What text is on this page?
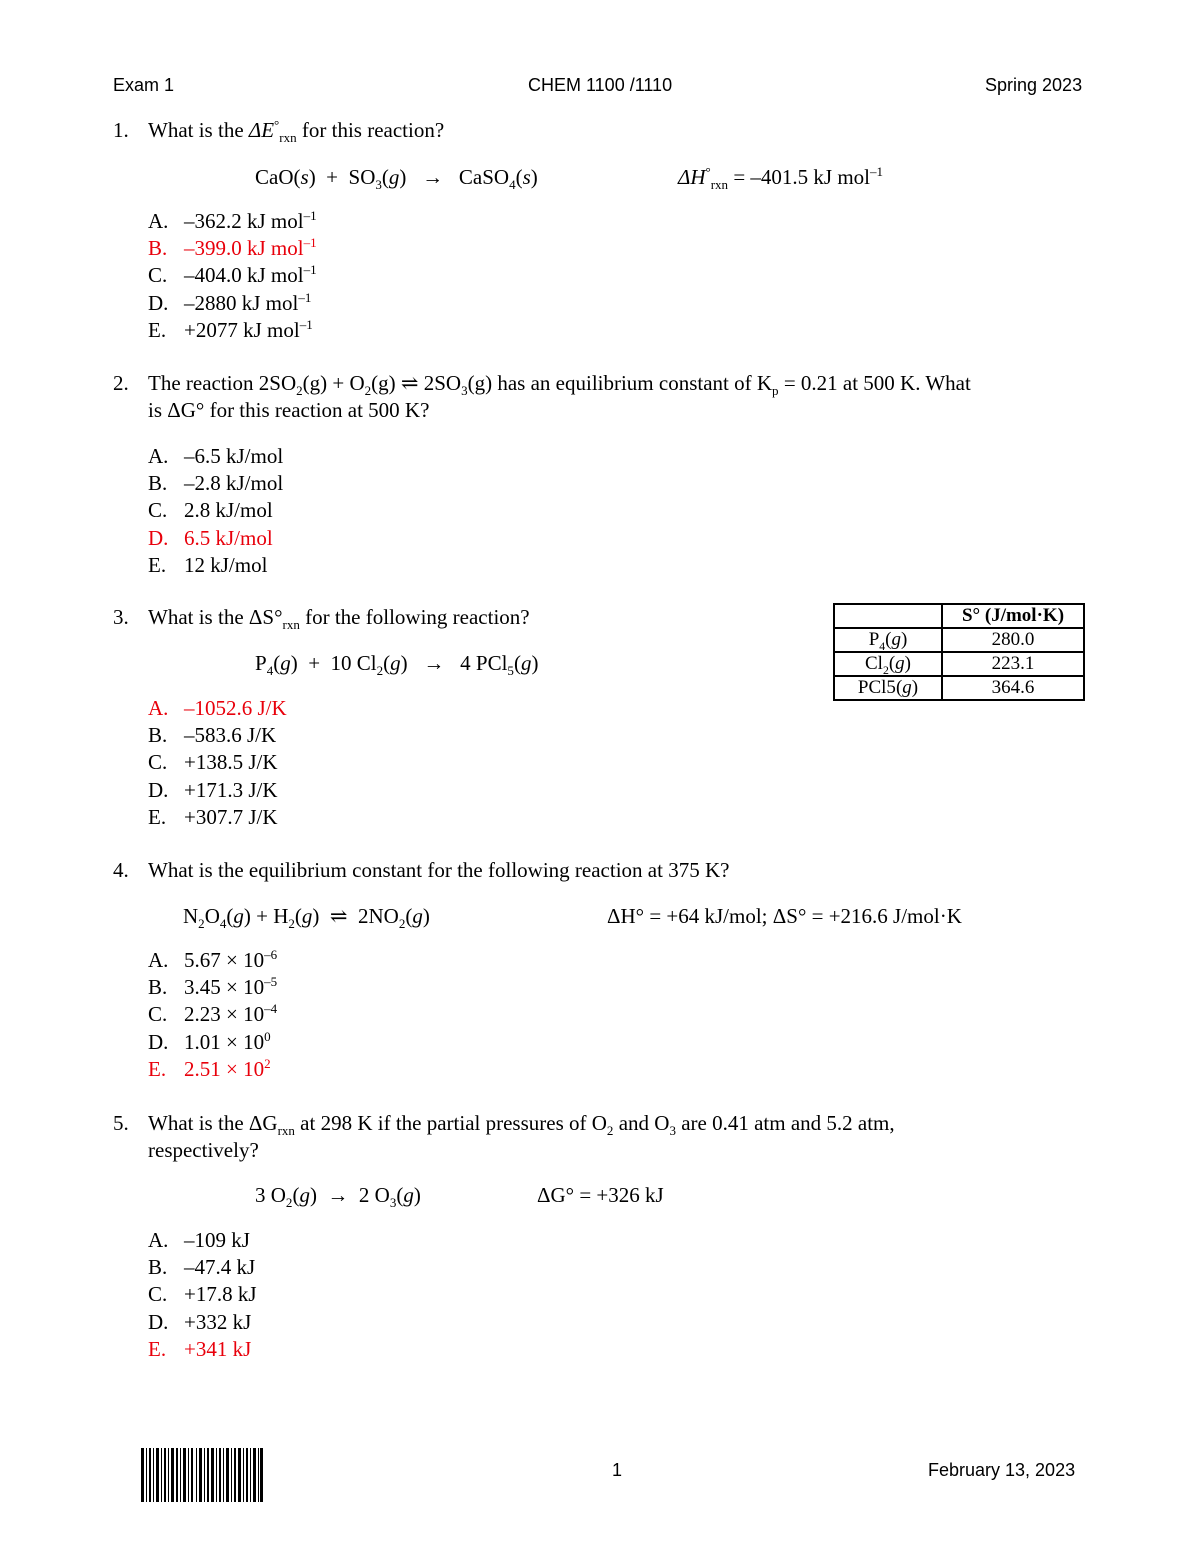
Exam 1	CHEM 1100 /1110	Spring 2023
1. What is the $\Delta E^\circ_{rxn}$ for this reaction?
$CaO(s) + SO_3(g)$   →   CaSO$_4$(s)	$\Delta H^\circ_{rxn} = -401.5$ kJ mol$^{-1}$
A. –362.2 kJ mol$^{-1}$
B. –399.0 kJ mol$^{-1}$
C. –404.0 kJ mol$^{-1}$
D. –2880 kJ mol$^{-1}$
E. +2077 kJ mol$^{-1}$
2. The reaction $2SO_2(g) + O_2(g)$ ⇌ $2SO_3(g)$ has an equilibrium constant of $K_p = 0.21$ at 500 K. What
is ΔG° for this reaction at 500 K?
A. –6.5 kJ/mol
B. –2.8 kJ/mol
C. 2.8 kJ/mol
D. 6.5 kJ/mol
E. 12 kJ/mol
3. What is the $\Delta S^\circ_{rxn}$ for the following reaction?
$P_4(g) + 10$ $Cl_2(g) \to 4$ PCl$_5$(g)
A. –1052.6 J/K
B. –583.6 J/K
C. +138.5 J/K
D. +171.3 J/K
E. +307.7 J/K
	S° (J/mol·K)
$P_4(g)$	280.0
$Cl_2(g)$	223.1
PCl5(g)	364.6
4. What is the equilibrium constant for the following reaction at 375 K?
$N_2O_4(g) + H_2(g)$  ⇌  $2NO_2(g)$	ΔH° = +64 kJ/mol; ΔS° = +216.6 J/mol·K
A. $5.67 \times 10^{-6}$
B. $3.45 \times 10^{-5}$
C. $2.23 \times 10^{-4}$
D. $1.01 \times 10^0$
E. $2.51 \times 10^2$
5. What is the $\Delta G_{rxn}$ at 298 K if the partial pressures of $O_2$ and $O_3$ are 0.41 atm and 5.2 atm,
respectively?
3 $O_2(g) \to 2$ $O_3(g)$	ΔG° = +326 kJ
A. –109 kJ
B. –47.4 kJ
C. +17.8 kJ
D. +332 kJ
E. +341 kJ
1	February 13, 2023
